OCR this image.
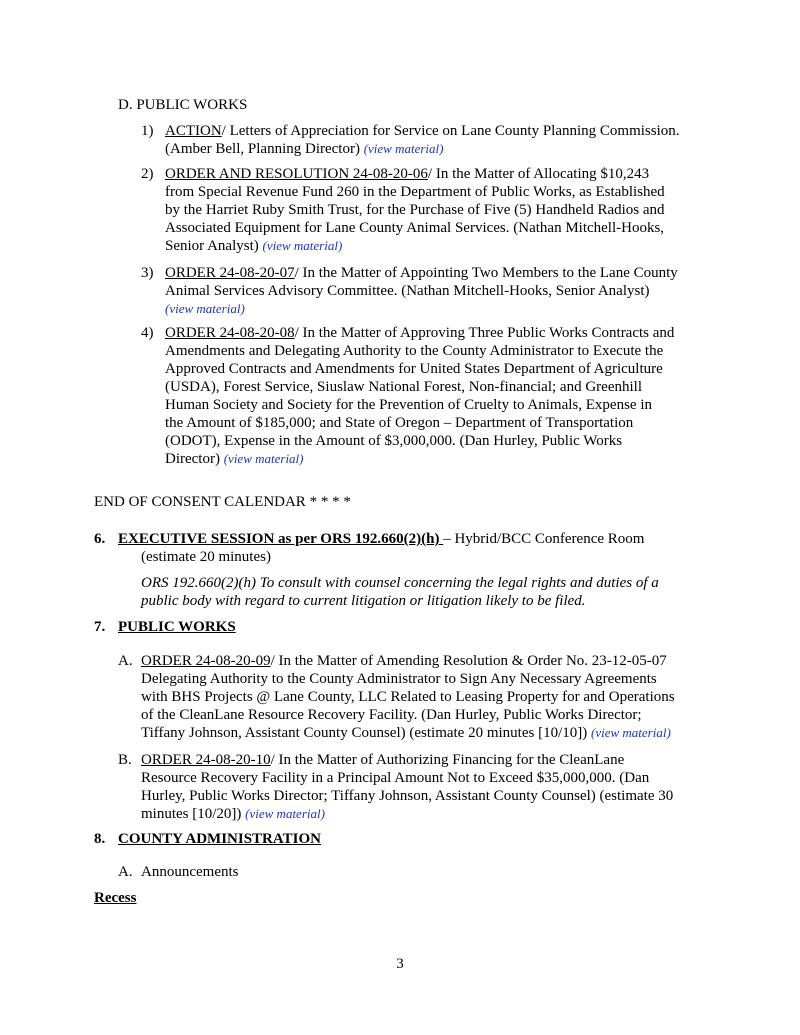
D. PUBLIC WORKS
1) ACTION/ Letters of Appreciation for Service on Lane County Planning Commission.
(Amber Bell, Planning Director) (view material)
2) ORDER AND RESOLUTION 24-08-20-06/ In the Matter of Allocating $10,243
from Special Revenue Fund 260 in the Department of Public Works, as Established
by the Harriet Ruby Smith Trust, for the Purchase of Five (5) Handheld Radios and
Associated Equipment for Lane County Animal Services. (Nathan Mitchell-Hooks,
Senior Analyst) (view material)
3) ORDER 24-08-20-07/ In the Matter of Appointing Two Members to the Lane County
Animal Services Advisory Committee. (Nathan Mitchell-Hooks, Senior Analyst)
(view material)
4) ORDER 24-08-20-08/ In the Matter of Approving Three Public Works Contracts and
Amendments and Delegating Authority to the County Administrator to Execute the
Approved Contracts and Amendments for United States Department of Agriculture
(USDA), Forest Service, Siuslaw National Forest, Non-financial; and Greenhill
Human Society and Society for the Prevention of Cruelty to Animals, Expense in
the Amount of $185,000; and State of Oregon – Department of Transportation
(ODOT), Expense in the Amount of $3,000,000. (Dan Hurley, Public Works
Director) (view material)
END OF CONSENT CALENDAR * * * *
6. EXECUTIVE SESSION as per ORS 192.660(2)(h) – Hybrid/BCC Conference Room
(estimate 20 minutes)
ORS 192.660(2)(h) To consult with counsel concerning the legal rights and duties of a
public body with regard to current litigation or litigation likely to be filed.
7. PUBLIC WORKS
A. ORDER 24-08-20-09/ In the Matter of Amending Resolution & Order No. 23-12-05-07
Delegating Authority to the County Administrator to Sign Any Necessary Agreements
with BHS Projects @ Lane County, LLC Related to Leasing Property for and Operations
of the CleanLane Resource Recovery Facility. (Dan Hurley, Public Works Director;
Tiffany Johnson, Assistant County Counsel) (estimate 20 minutes [10/10]) (view material)
B. ORDER 24-08-20-10/ In the Matter of Authorizing Financing for the CleanLane
Resource Recovery Facility in a Principal Amount Not to Exceed $35,000,000. (Dan
Hurley, Public Works Director; Tiffany Johnson, Assistant County Counsel) (estimate 30
minutes [10/20]) (view material)
8. COUNTY ADMINISTRATION
A. Announcements
Recess
3
